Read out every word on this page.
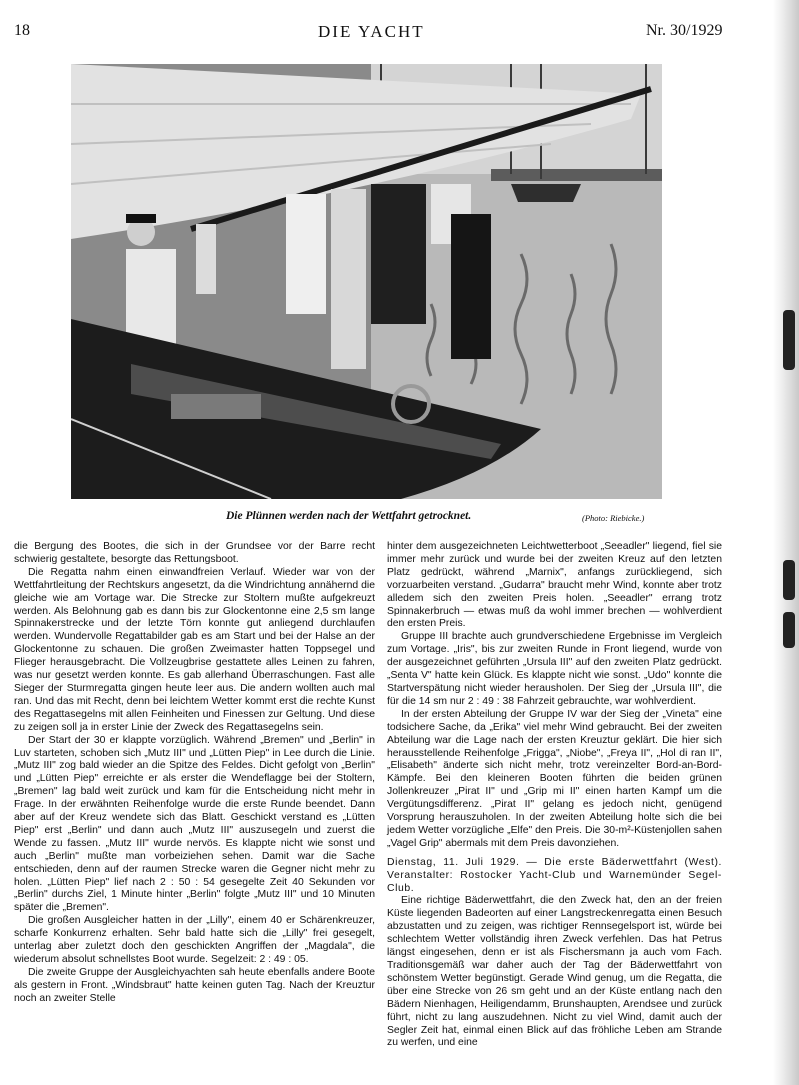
18	DIE YACHT	Nr. 30/1929
Die Plünnen werden nach der Wettfahrt getrocknet.	(Photo: Riebicke.)

die Bergung des Bootes, die sich in der Grundsee vor der Barre recht schwierig gestaltete, besorgte das Rettungsboot.

Die Regatta nahm einen einwandfreien Verlauf. Wieder war von der Wettfahrtleitung der Rechtskurs angesetzt, da die Windrichtung annähernd die gleiche wie am Vortage war. Die Strecke zur Stoltern mußte aufgekreuzt werden. Als Belohnung gab es dann bis zur Glockentonne eine 2,5 sm lange Spinnakerstrecke und der letzte Törn konnte gut anliegend durchlaufen werden. Wundervolle Regattabilder gab es am Start und bei der Halse an der Glockentonne zu schauen. Die großen Zweimaster hatten Toppsegel und Flieger herausgebracht. Die Vollzeugbrise gestattete alles Leinen zu fahren, was nur gesetzt werden konnte. Es gab allerhand Überraschungen. Fast alle Sieger der Sturmregatta gingen heute leer aus. Die andern wollten auch mal ran. Und das mit Recht, denn bei leichtem Wetter kommt erst die rechte Kunst des Regattasegelns mit allen Feinheiten und Finessen zur Geltung. Und diese zu zeigen soll ja in erster Linie der Zweck des Regattasegelns sein.

Der Start der 30 er klappte vorzüglich. Während „Bremen" und „Berlin" in Luv starteten, schoben sich „Mutz III" und „Lütten Piep" in Lee durch die Linie. „Mutz III" zog bald wieder an die Spitze des Feldes. Dicht gefolgt von „Berlin" und „Lütten Piep" erreichte er als erster die Wendeflagge bei der Stoltern, „Bremen" lag bald weit zurück und kam für die Entscheidung nicht mehr in Frage. In der erwähnten Reihenfolge wurde die erste Runde beendet. Dann aber auf der Kreuz wendete sich das Blatt. Geschickt verstand es „Lütten Piep" erst „Berlin" und dann auch „Mutz III" auszusegeln und zuerst die Wende zu fassen. „Mutz III" wurde nervös. Es klappte nicht wie sonst und auch „Berlin" mußte man vorbeiziehen sehen. Damit war die Sache entschieden, denn auf der raumen Strecke waren die Gegner nicht mehr zu holen. „Lütten Piep" lief nach 2 : 50 : 54 gesegelte Zeit 40 Sekunden vor „Berlin" durchs Ziel, 1 Minute hinter „Berlin" folgte „Mutz III" und 10 Minuten später die „Bremen".

Die großen Ausgleicher hatten in der „Lilly", einem 40 er Schärenkreuzer, scharfe Konkurrenz erhalten. Sehr bald hatte sich die „Lilly" frei gesegelt, unterlag aber zuletzt doch den geschickten Angriffen der „Magdala", die wiederum absolut schnellstes Boot wurde. Segelzeit: 2 : 49 : 05.

Die zweite Gruppe der Ausgleichyachten sah heute ebenfalls andere Boote als gestern in Front. „Windsbraut" hatte keinen guten Tag. Nach der Kreuztur noch an zweiter Stelle

hinter dem ausgezeichneten Leichtwetterboot „Seeadler" liegend, fiel sie immer mehr zurück und wurde bei der zweiten Kreuz auf den letzten Platz gedrückt, während „Marnix", anfangs zurückliegend, sich vorzuarbeiten verstand. „Gudarra" braucht mehr Wind, konnte aber trotz alledem sich den zweiten Preis holen. „Seeadler" errang trotz Spinnakerbruch — etwas muß da wohl immer brechen — wohlverdient den ersten Preis.

Gruppe III brachte auch grundverschiedene Ergebnisse im Vergleich zum Vortage. „Iris", bis zur zweiten Runde in Front liegend, wurde von der ausgezeichnet geführten „Ursula III" auf den zweiten Platz gedrückt. „Senta V" hatte kein Glück. Es klappte nicht wie sonst. „Udo" konnte die Startverspätung nicht wieder herausholen. Der Sieg der „Ursula III", die für die 14 sm nur 2 : 49 : 38 Fahrzeit gebrauchte, war wohlverdient.

In der ersten Abteilung der Gruppe IV war der Sieg der „Vineta" eine todsichere Sache, da „Erika" viel mehr Wind gebraucht. Bei der zweiten Abteilung war die Lage nach der ersten Kreuztur geklärt. Die hier sich herausstellende Reihenfolge „Frigga", „Niobe", „Freya II", „Hol di ran II", „Elisabeth" änderte sich nicht mehr, trotz vereinzelter Bord-an-Bord-Kämpfe. Bei den kleineren Booten führten die beiden grünen Jollenkreuzer „Pirat II" und „Grip mi II" einen harten Kampf um die Vergütungsdifferenz. „Pirat II" gelang es jedoch nicht, genügend Vorsprung herauszuholen. In der zweiten Abteilung holte sich die bei jedem Wetter vorzügliche „Elfe" den Preis. Die 30-m²-Küstenjollen sahen „Vagel Grip" abermals mit dem Preis davonziehen.

Dienstag, 11. Juli 1929. — Die erste Bäderwettfahrt (West). Veranstalter: Rostocker Yacht-Club und Warnemünder Segel-Club.

Eine richtige Bäderwettfahrt, die den Zweck hat, den an der freien Küste liegenden Badeorten auf einer Langstreckenregatta einen Besuch abzustatten und zu zeigen, was richtiger Rennsegelsport ist, würde bei schlechtem Wetter vollständig ihren Zweck verfehlen. Das hat Petrus längst eingesehen, denn er ist als Fischersmann ja auch vom Fach. Traditionsgemäß war daher auch der Tag der Bäderwettfahrt von schönstem Wetter begünstigt. Gerade Wind genug, um die Regatta, die über eine Strecke von 26 sm geht und an der Küste entlang nach den Bädern Nienhagen, Heiligendamm, Brunshaupten, Arendsee und zurück führt, nicht zu lang auszudehnen. Nicht zu viel Wind, damit auch der Segler Zeit hat, einmal einen Blick auf das fröhliche Leben am Strande zu werfen, und eine
